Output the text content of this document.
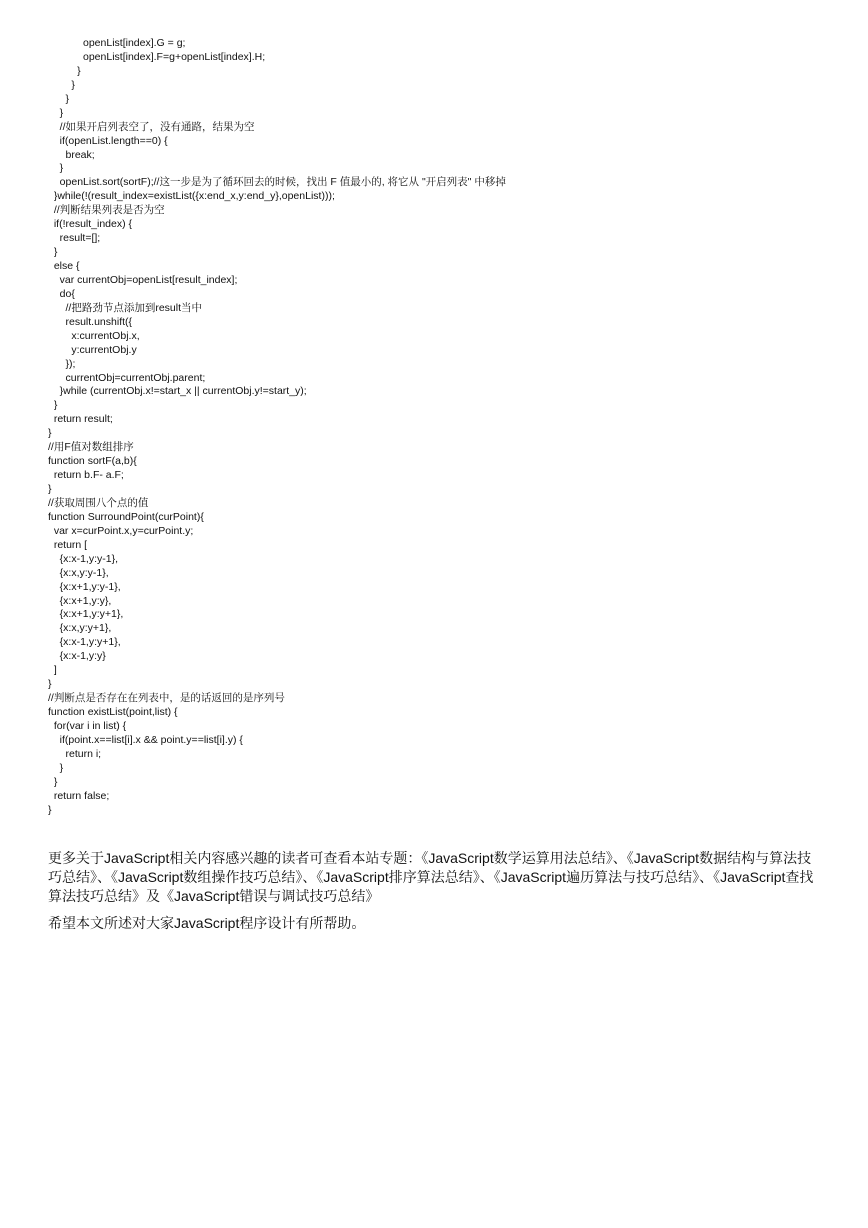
openList[index].G = g;
openList[index].F=g+openList[index].H;
}
}
}
}
//如果开启列表空了，没有通路，结果为空
if(openList.length==0) {
break;
}
openList.sort(sortF);//这一步是为了循环回去的时候，找出 F 值最小的, 将它从 "开启列表" 中移掉
}while(!(result_index=existList({x:end_x,y:end_y},openList)));
//判断结果列表是否为空
if(!result_index) {
result=[];
}
else {
var currentObj=openList[result_index];
do{
//把路劲节点添加到result当中
result.unshift({
x:currentObj.x,
y:currentObj.y
});
currentObj=currentObj.parent;
}while (currentObj.x!=start_x || currentObj.y!=start_y);
}
return result;
}
//用F值对数组排序
function sortF(a,b){
return b.F- a.F;
}
//获取周围八个点的值
function SurroundPoint(curPoint){
var x=curPoint.x,y=curPoint.y;
return [
{x:x-1,y:y-1},
{x:x,y:y-1},
{x:x+1,y:y-1},
{x:x+1,y:y},
{x:x+1,y:y+1},
{x:x,y:y+1},
{x:x-1,y:y+1},
{x:x-1,y:y}
]
}
//判断点是否存在在列表中，是的话返回的是序列号
function existList(point,list) {
for(var i in list) {
if(point.x==list[i].x && point.y==list[i].y) {
return i;
}
}
return false;
}

更多关于JavaScript相关内容感兴趣的读者可查看本站专题：《JavaScript数学运算用法总结》、《JavaScript数据结构与算法技巧总结》、《JavaScript数组操作技巧总结》、《JavaScript排序算法总结》、《JavaScript遍历算法与技巧总结》、《JavaScript查找算法技巧总结》及《JavaScript错误与调试技巧总结》

希望本文所述对大家JavaScript程序设计有所帮助。
